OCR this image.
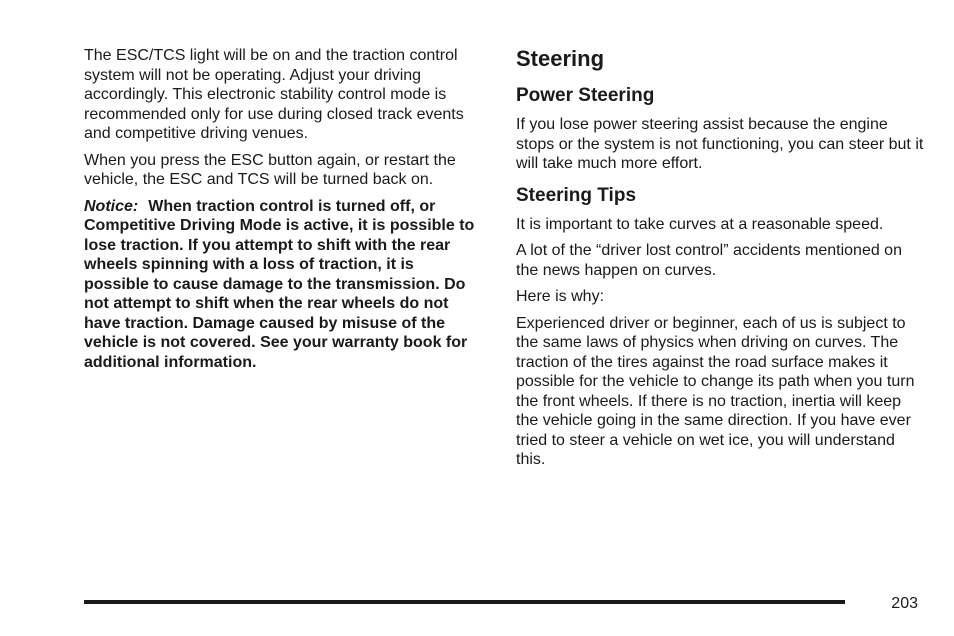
The ESC/TCS light will be on and the traction control system will not be operating. Adjust your driving accordingly. This electronic stability control mode is recommended only for use during closed track events and competitive driving venues.

When you press the ESC button again, or restart the vehicle, the ESC and TCS will be turned back on.

Notice: When traction control is turned off, or Competitive Driving Mode is active, it is possible to lose traction. If you attempt to shift with the rear wheels spinning with a loss of traction, it is possible to cause damage to the transmission. Do not attempt to shift when the rear wheels do not have traction. Damage caused by misuse of the vehicle is not covered. See your warranty book for additional information.

Steering
Power Steering

If you lose power steering assist because the engine stops or the system is not functioning, you can steer but it will take much more effort.

Steering Tips

It is important to take curves at a reasonable speed.

A lot of the “driver lost control” accidents mentioned on the news happen on curves.

Here is why:

Experienced driver or beginner, each of us is subject to the same laws of physics when driving on curves. The traction of the tires against the road surface makes it possible for the vehicle to change its path when you turn the front wheels. If there is no traction, inertia will keep the vehicle going in the same direction. If you have ever tried to steer a vehicle on wet ice, you will understand this.

203
